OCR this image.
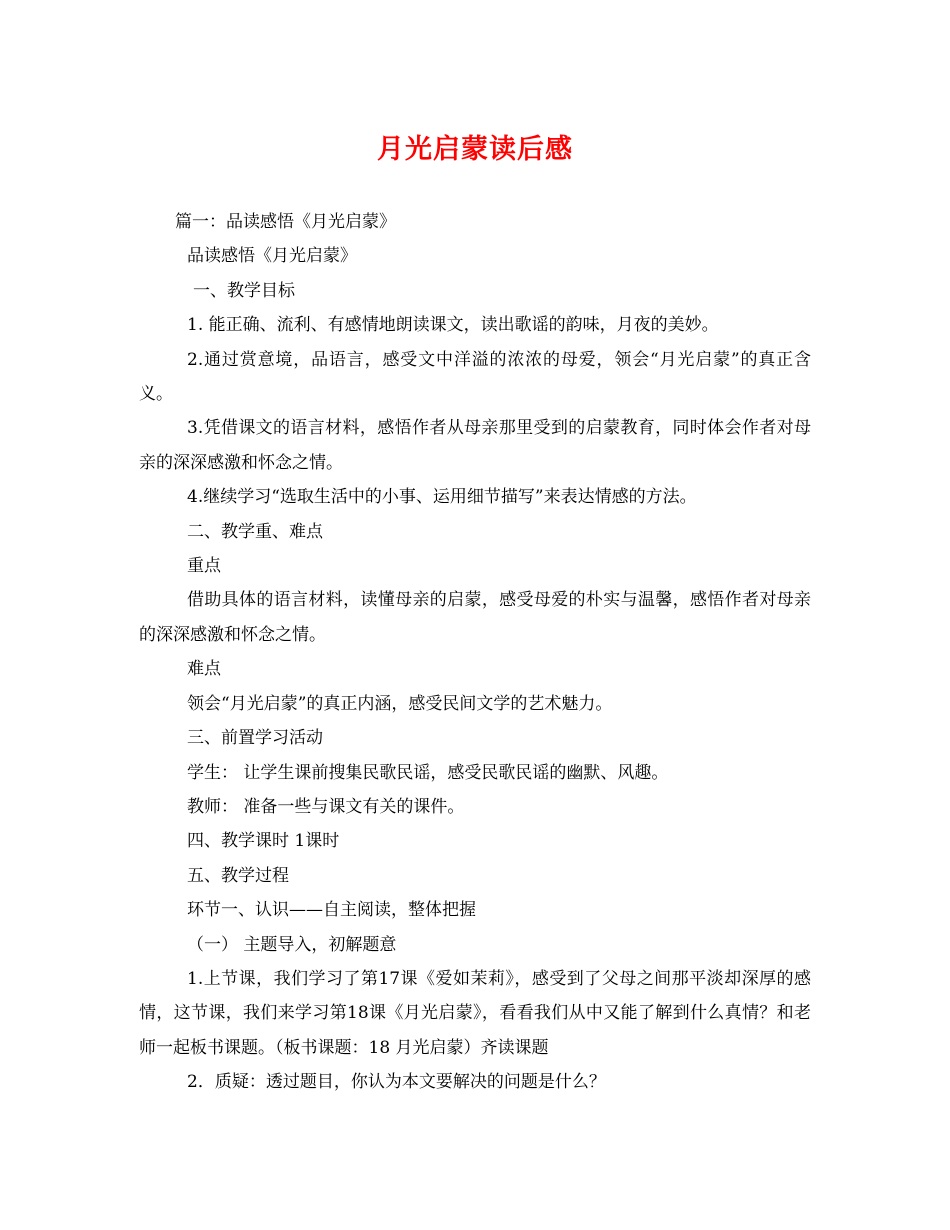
月光启蒙读后感

篇一：品读感悟《月光启蒙》

品读感悟《月光启蒙》

一、教学目标

1. 能正确、流利、有感情地朗读课文，读出歌谣的韵味，月夜的美妙。

2.通过赏意境，品语言，感受文中洋溢的浓浓的母爱，领会“月光启蒙”的真正含义。

3.凭借课文的语言材料，感悟作者从母亲那里受到的启蒙教育，同时体会作者对母亲的深深感激和怀念之情。

4.继续学习“选取生活中的小事、运用细节描写”来表达情感的方法。

二、教学重、难点

重点

借助具体的语言材料，读懂母亲的启蒙，感受母爱的朴实与温馨，感悟作者对母亲的深深感激和怀念之情。

难点

领会“月光启蒙”的真正内涵，感受民间文学的艺术魅力。

三、前置学习活动

学生： 让学生课前搜集民歌民谣，感受民歌民谣的幽默、风趣。

教师： 准备一些与课文有关的课件。

四、教学课时 1课时

五、教学过程

环节一、认识——自主阅读，整体把握

（一） 主题导入，初解题意

1.上节课，我们学习了第17课《爱如茉莉》，感受到了父母之间那平淡却深厚的感情，这节课，我们来学习第18课《月光启蒙》，看看我们从中又能了解到什么真情？和老师一起板书课题。（板书课题：18 月光启蒙）齐读课题

2．质疑：透过题目，你认为本文要解决的问题是什么？
